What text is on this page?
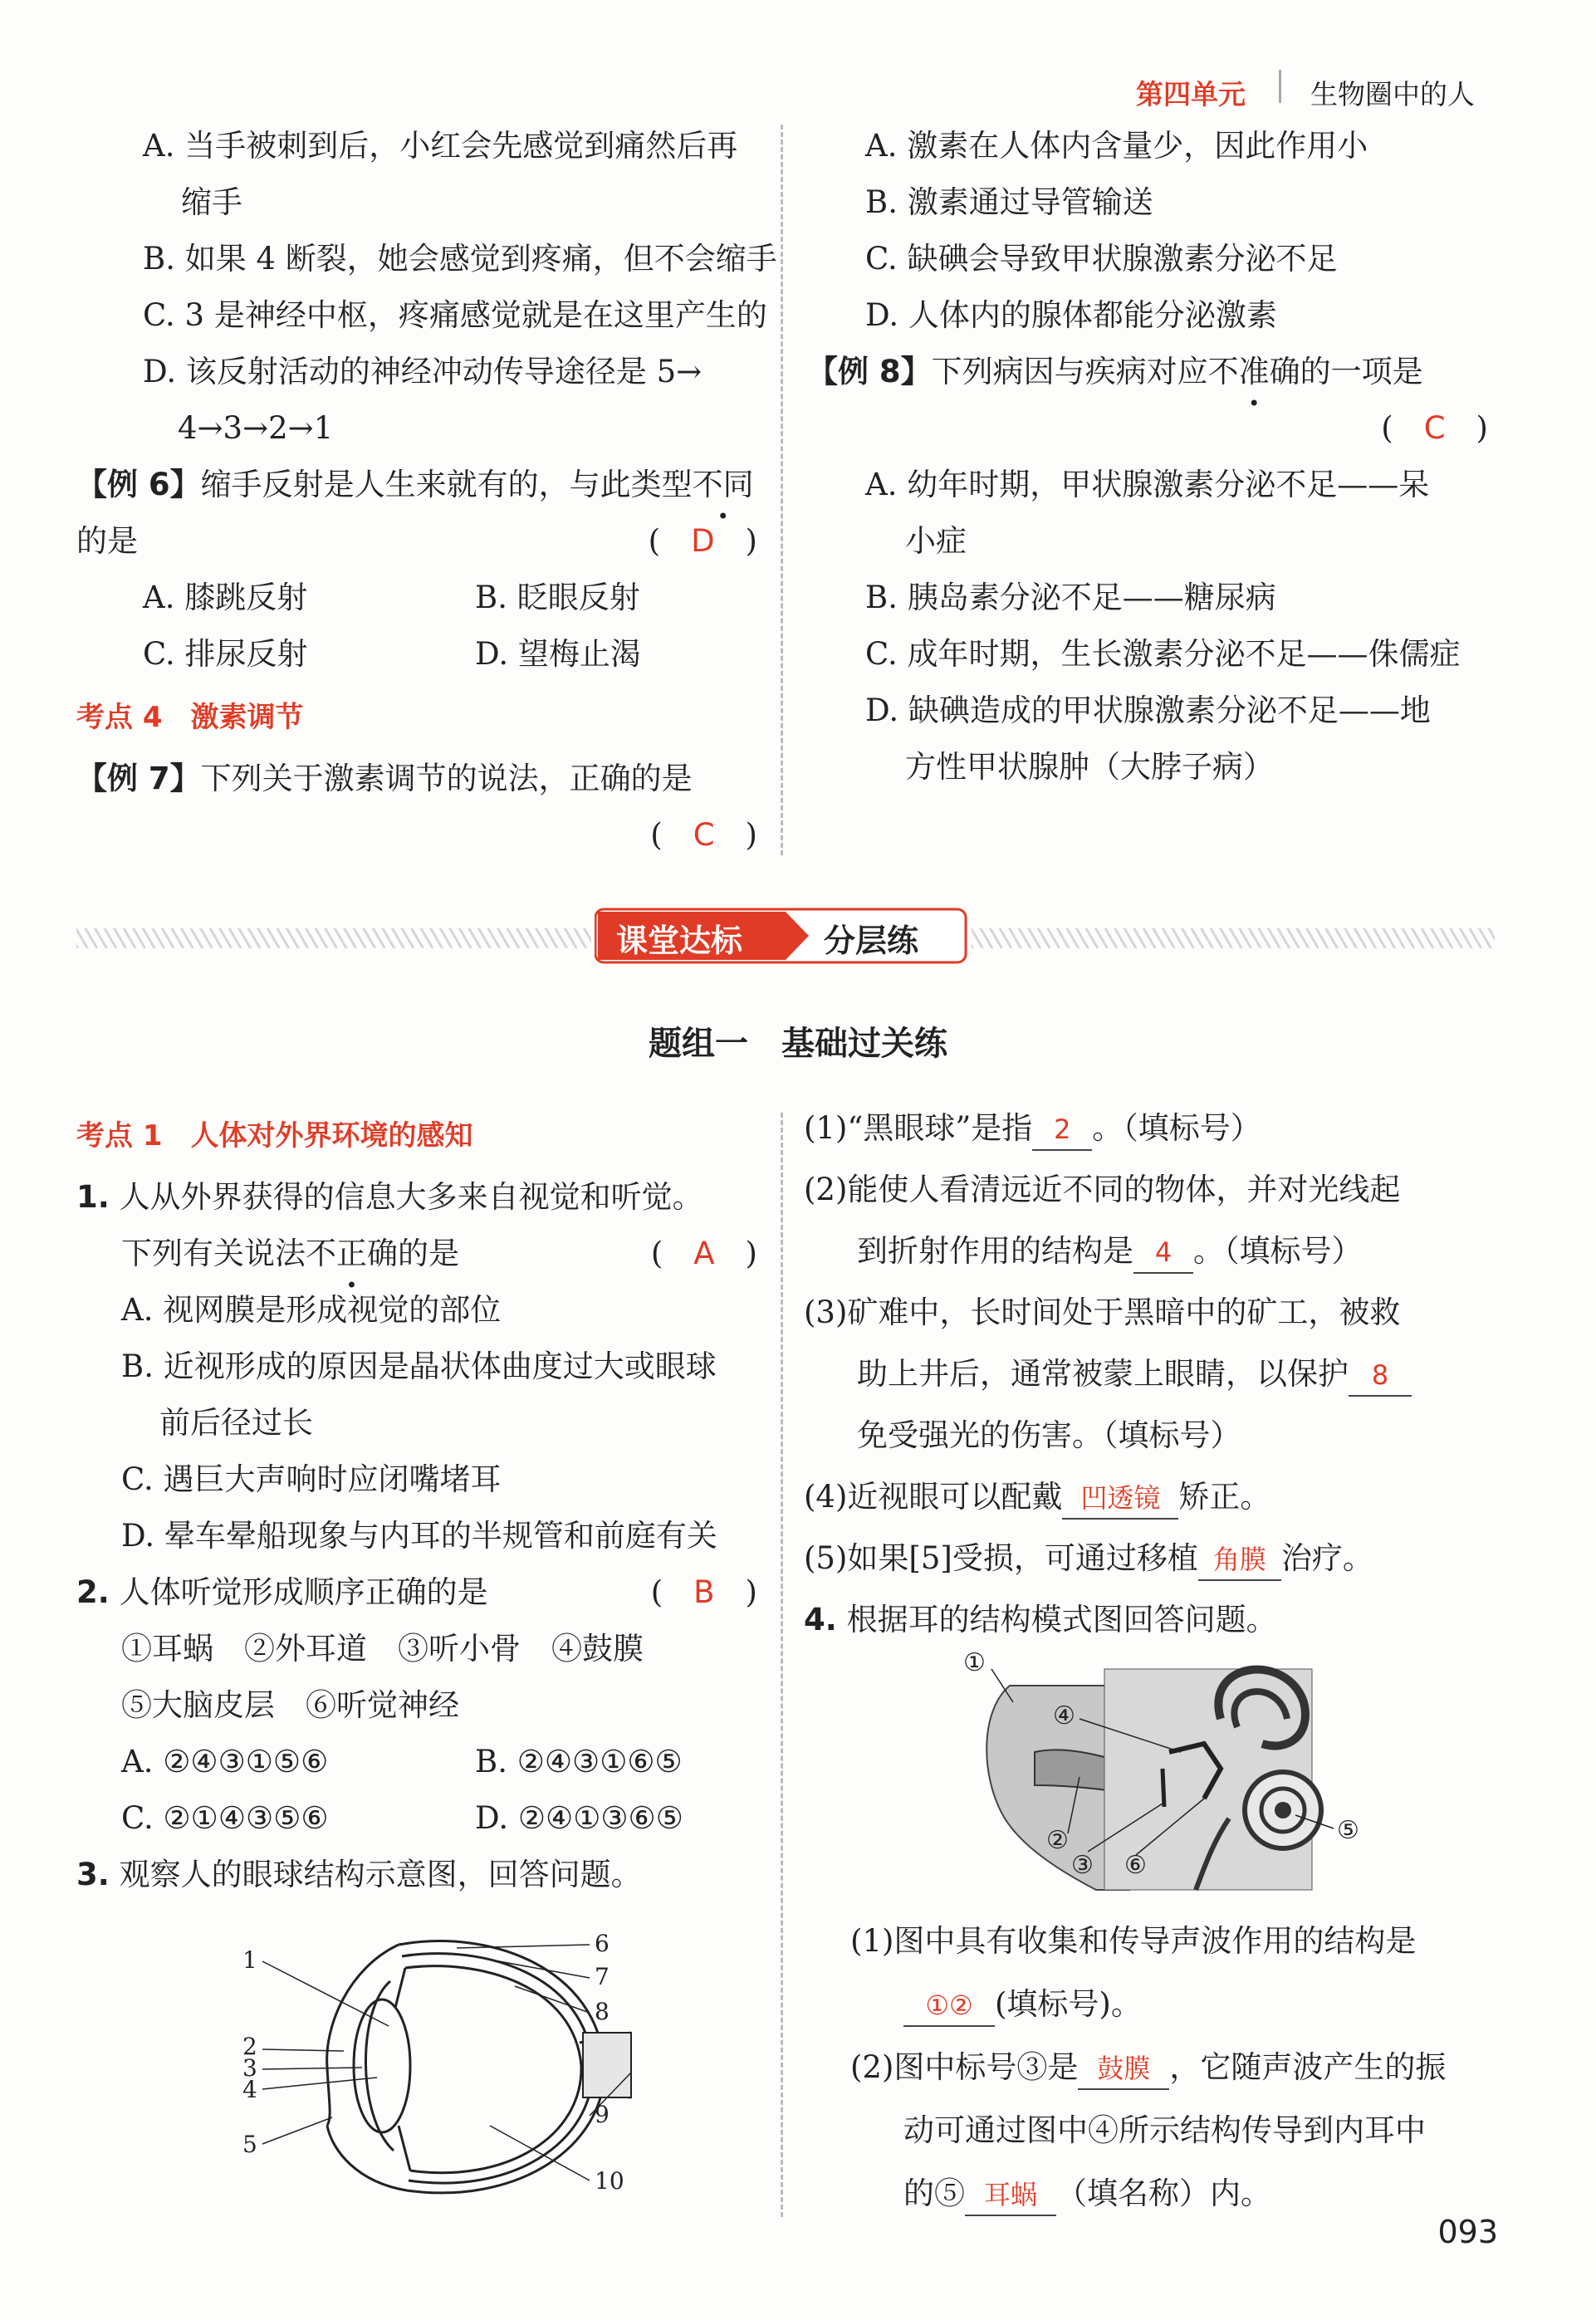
第四单元 生物圈中的人
A. 当手被刺到后，小红会先感觉到痛然后再
缩手
B. 如果 4 断裂，她会感觉到疼痛，但不会缩手
C. 3 是神经中枢，疼痛感觉就是在这里产生的
D. 该反射活动的神经冲动传导途径是 5→
4→3→2→1
【例 6】缩手反射是人生来就有的，与此类型不同
的是	(　D　)
A. 膝跳反射	B. 眨眼反射
C. 排尿反射	D. 望梅止渴
考点 4　激素调节
【例 7】下列关于激素调节的说法，正确的是
(　C　)
A. 激素在人体内含量少，因此作用小
B. 激素通过导管输送
C. 缺碘会导致甲状腺激素分泌不足
D. 人体内的腺体都能分泌激素
【例 8】下列病因与疾病对应不准确的一项是
(　C　)
A. 幼年时期，甲状腺激素分泌不足——呆
小症
B. 胰岛素分泌不足——糖尿病
C. 成年时期，生长激素分泌不足——侏儒症
D. 缺碘造成的甲状腺激素分泌不足——地
方性甲状腺肿（大脖子病）
课堂达标	分层练
题组一　基础过关练
考点 1　人体对外界环境的感知
1. 人从外界获得的信息大多来自视觉和听觉。
下列有关说法不正确的是	(　A　)
A. 视网膜是形成视觉的部位
B. 近视形成的原因是晶状体曲度过大或眼球
前后径过长
C. 遇巨大声响时应闭嘴堵耳
D. 晕车晕船现象与内耳的半规管和前庭有关
2. 人体听觉形成顺序正确的是	(　B　)
①耳蜗　②外耳道　③听小骨　④鼓膜
⑤大脑皮层　⑥听觉神经
A. ②④③①⑤⑥	B. ②④③①⑥⑤
C. ②①④③⑤⑥	D. ②④①③⑥⑤
3. 观察人的眼球结构示意图，回答问题。
1
2
3
4
5
6
7
8
9
10
(1)“黑眼球”是指 2 。（填标号）
(2)能使人看清远近不同的物体，并对光线起
到折射作用的结构是 4 。（填标号）
(3)矿难中，长时间处于黑暗中的矿工，被救
助上井后，通常被蒙上眼睛，以保护 8
免受强光的伤害。（填标号）
(4)近视眼可以配戴 凹透镜 矫正。
(5)如果[5]受损，可通过移植 角膜 治疗。
4. 根据耳的结构模式图回答问题。
①
②
③
④
⑤
⑥
(1)图中具有收集和传导声波作用的结构是
①② (填标号)。
(2)图中标号③是 鼓膜 ，它随声波产生的振
动可通过图中④所示结构传导到内耳中
的⑤ 耳蜗 （填名称）内。
093
